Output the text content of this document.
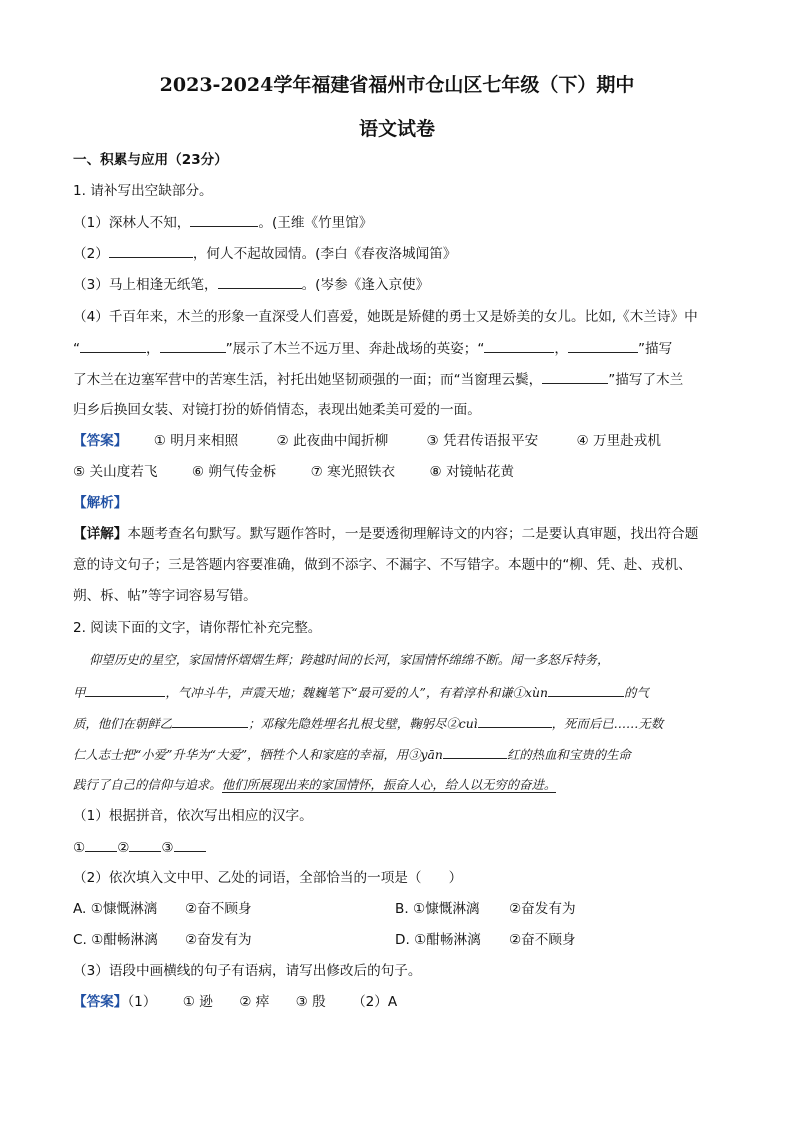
2023-2024学年福建省福州市仓山区七年级（下）期中
语文试卷
一、积累与应用（23分）
1. 请补写出空缺部分。
（1）深林人不知，	。(王维《竹里馆》
（2）	，何人不起故园情。(李白《春夜洛城闻笛》
（3）马上相逢无纸笔，	。(岑参《逢入京使》
（4）千百年来，木兰的形象一直深受人们喜爱，她既是矫健的勇士又是娇美的女儿。比如,《木兰诗》中
“	，	”展示了木兰不远万里、奔赴战场的英姿；“	，	”描写
了木兰在边塞军营中的苦寒生活，衬托出她坚韧顽强的一面；而“当窗理云鬓，	”描写了木兰
归乡后换回女装、对镜打扮的娇俏情态，表现出她柔美可爱的一面。
【答案】 ① 明月来相照	② 此夜曲中闻折柳	③ 凭君传语报平安	④ 万里赴戎机
⑤ 关山度若飞	⑥ 朔气传金柝	⑦ 寒光照铁衣	⑧ 对镜帖花黄
【解析】
【详解】本题考查名句默写。默写题作答时，一是要透彻理解诗文的内容；二是要认真审题，找出符合题
意的诗文句子；三是答题内容要准确，做到不添字、不漏字、不写错字。本题中的“柳、凭、赴、戎机、
朔、柝、帖”等字词容易写错。
2. 阅读下面的文字，请你帮忙补充完整。
仰望历史的星空，家国情怀熠熠生辉；跨越时间的长河，家国情怀绵绵不断。闻一多怒斥特务，
甲	，气冲斗牛，声震天地；魏巍笔下“最可爱的人”，有着淳朴和谦①xùn	的气
质，他们在朝鲜乙	；邓稼先隐姓埋名扎根戈壁，鞠躬尽②cuì	，死而后已……无数
仁人志士把“小爱”升华为“大爱”，牺牲个人和家庭的幸福，用③yān	红的热血和宝贵的生命
践行了自己的信仰与追求。他们所展现出来的家国情怀，振奋人心，给人以无穷的奋进。
（1）根据拼音，依次写出相应的汉字。
① ② ③
（2）依次填入文中甲、乙处的词语，全部恰当的一项是（　　）
A. ①慷慨淋漓 ②奋不顾身	B. ①慷慨淋漓 ②奋发有为
C. ①酣畅淋漓 ②奋发有为	D. ①酣畅淋漓 ②奋不顾身
（3）语段中画横线的句子有语病，请写出修改后的句子。
【答案】（1） ① 逊 ② 瘁 ③ 殷 （2）A
